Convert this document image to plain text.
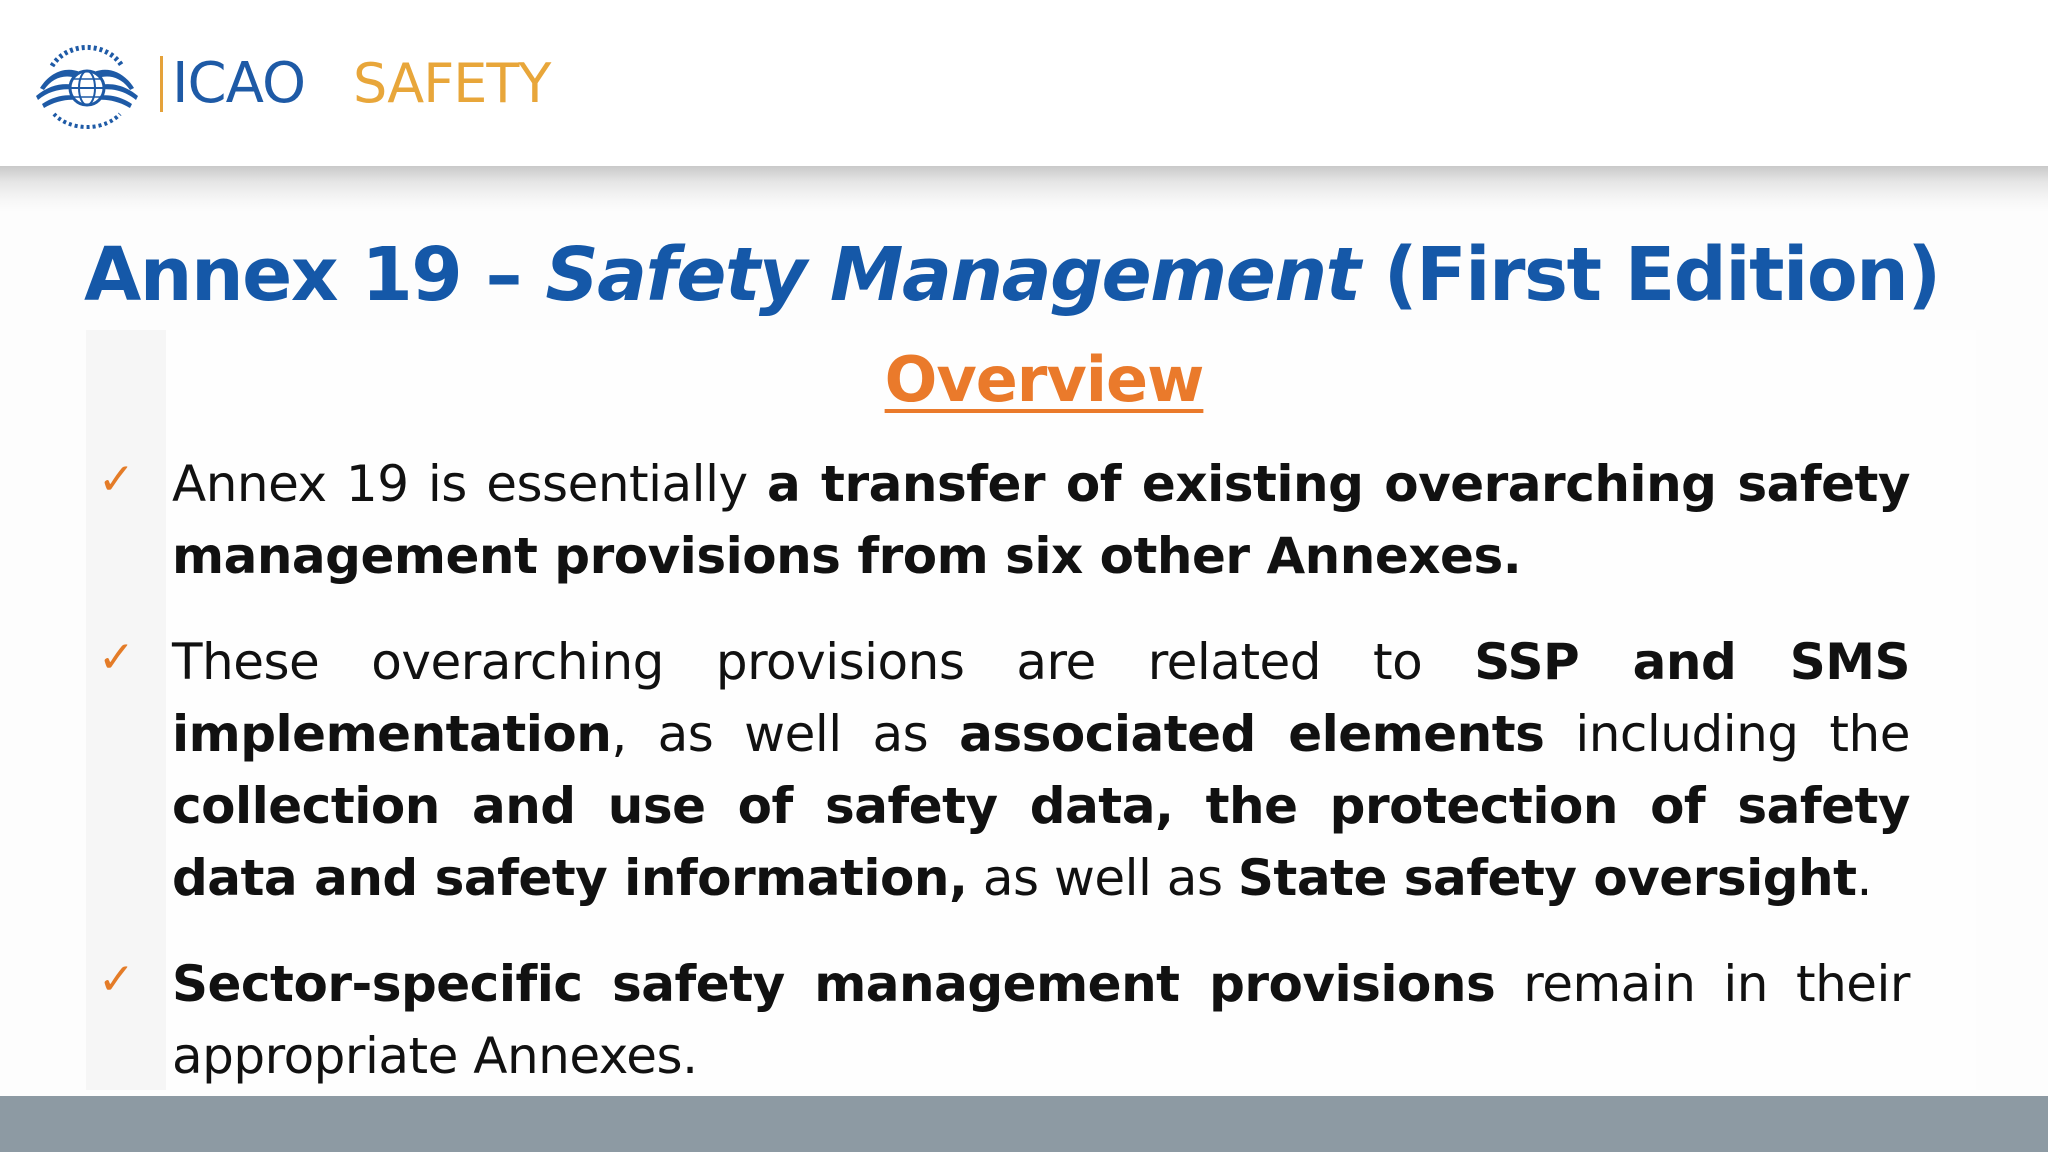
ICAO SAFETY
Annex 19 – Safety Management (First Edition)
Overview
✓ Annex 19 is essentially a transfer of existing overarching safety management provisions from six other Annexes.
✓ These overarching provisions are related to SSP and SMS implementation, as well as associated elements including the collection and use of safety data, the protection of safety data and safety information, as well as State safety oversight.
✓ Sector-specific safety management provisions remain in their appropriate Annexes.
